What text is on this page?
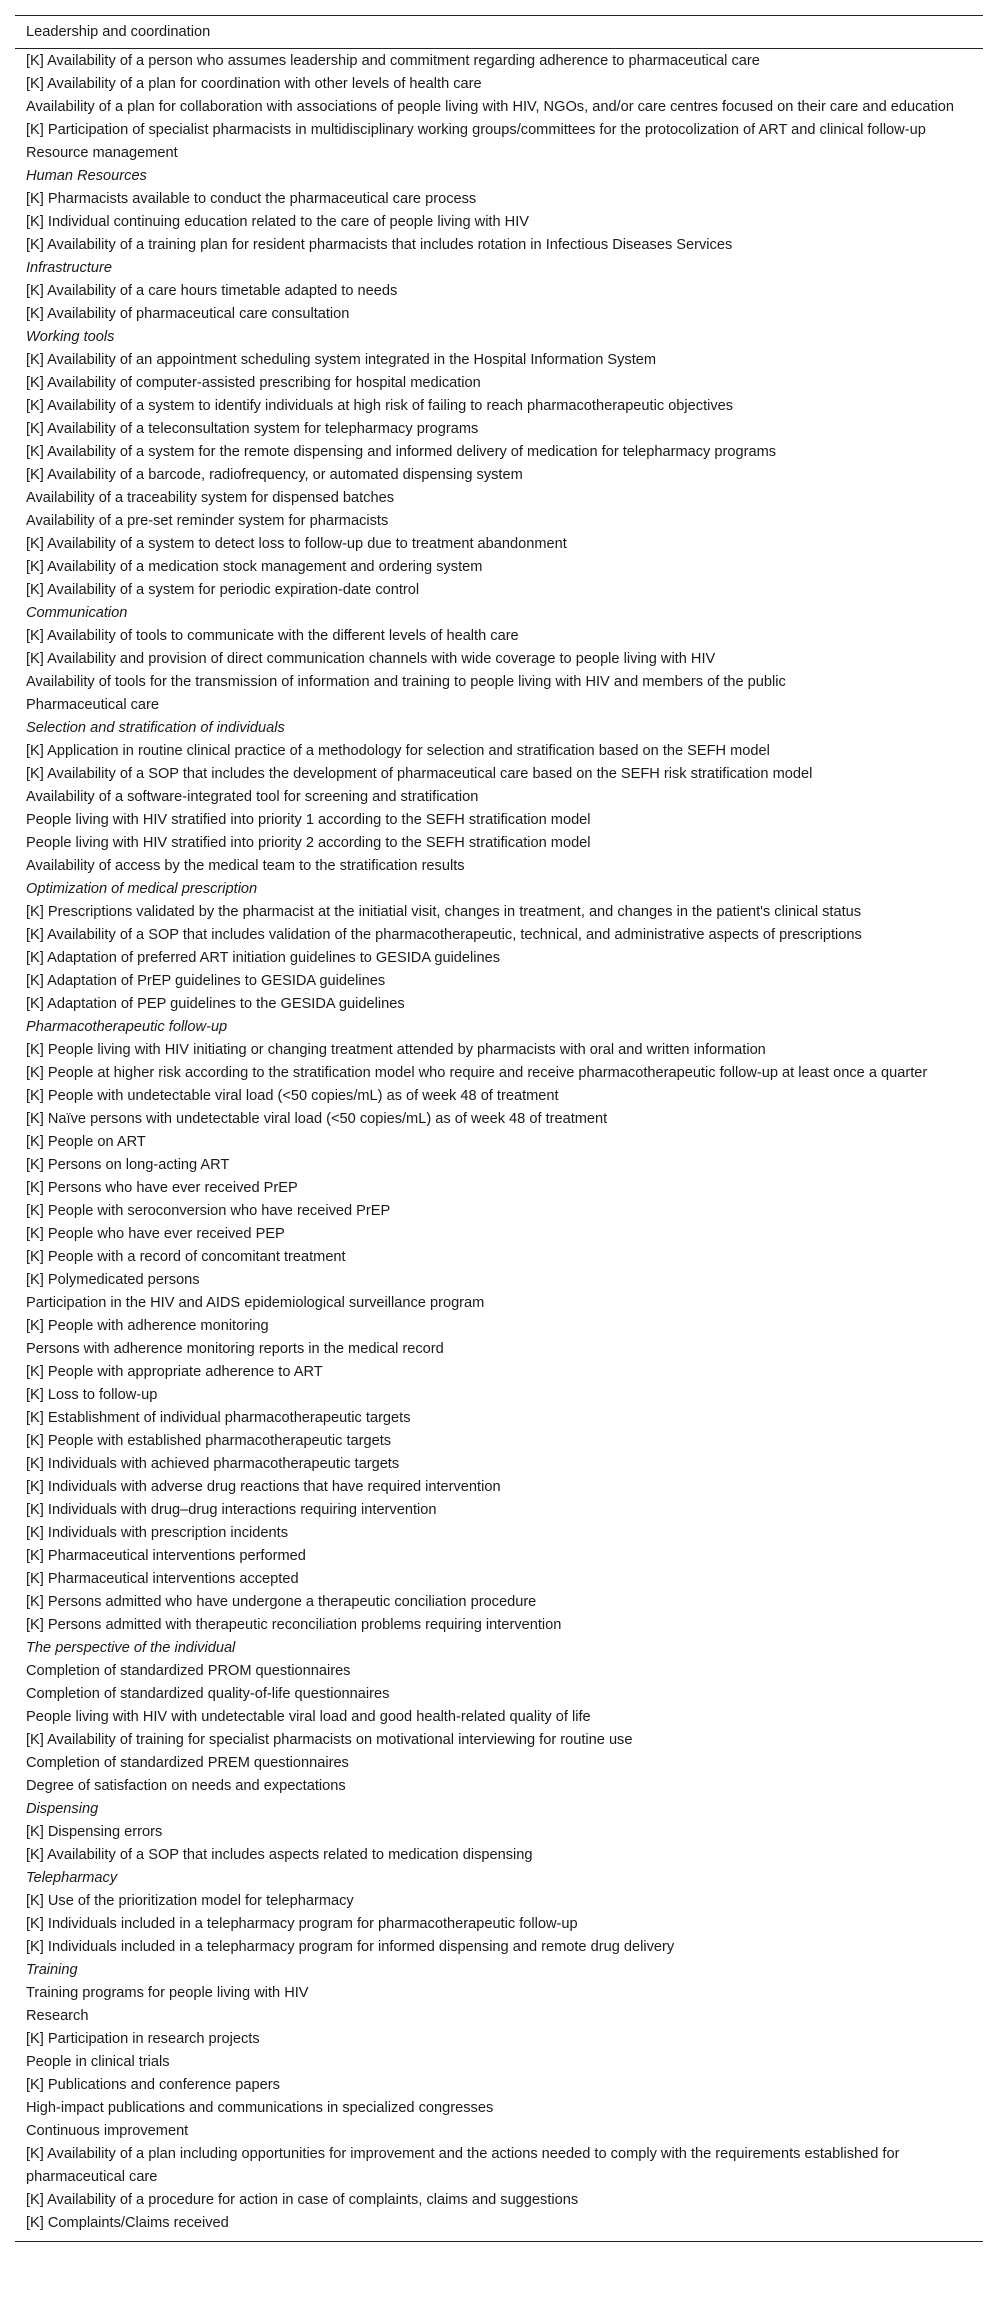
Leadership and coordination
[K] Availability of a person who assumes leadership and commitment regarding adherence to pharmaceutical care
[K] Availability of a plan for coordination with other levels of health care
Availability of a plan for collaboration with associations of people living with HIV, NGOs, and/or care centres focused on their care and education
[K] Participation of specialist pharmacists in multidisciplinary working groups/committees for the protocolization of ART and clinical follow-up
Resource management
Human Resources
[K] Pharmacists available to conduct the pharmaceutical care process
[K] Individual continuing education related to the care of people living with HIV
[K] Availability of a training plan for resident pharmacists that includes rotation in Infectious Diseases Services
Infrastructure
[K] Availability of a care hours timetable adapted to needs
[K] Availability of pharmaceutical care consultation
Working tools
[K] Availability of an appointment scheduling system integrated in the Hospital Information System
[K] Availability of computer-assisted prescribing for hospital medication
[K] Availability of a system to identify individuals at high risk of failing to reach pharmacotherapeutic objectives
[K] Availability of a teleconsultation system for telepharmacy programs
[K] Availability of a system for the remote dispensing and informed delivery of medication for telepharmacy programs
[K] Availability of a barcode, radiofrequency, or automated dispensing system
Availability of a traceability system for dispensed batches
Availability of a pre-set reminder system for pharmacists
[K] Availability of a system to detect loss to follow-up due to treatment abandonment
[K] Availability of a medication stock management and ordering system
[K] Availability of a system for periodic expiration-date control
Communication
[K] Availability of tools to communicate with the different levels of health care
[K] Availability and provision of direct communication channels with wide coverage to people living with HIV
Availability of tools for the transmission of information and training to people living with HIV and members of the public
Pharmaceutical care
Selection and stratification of individuals
[K] Application in routine clinical practice of a methodology for selection and stratification based on the SEFH model
[K] Availability of a SOP that includes the development of pharmaceutical care based on the SEFH risk stratification model
Availability of a software-integrated tool for screening and stratification
People living with HIV stratified into priority 1 according to the SEFH stratification model
People living with HIV stratified into priority 2 according to the SEFH stratification model
Availability of access by the medical team to the stratification results
Optimization of medical prescription
[K] Prescriptions validated by the pharmacist at the initiatial visit, changes in treatment, and changes in the patient's clinical status
[K] Availability of a SOP that includes validation of the pharmacotherapeutic, technical, and administrative aspects of prescriptions
[K] Adaptation of preferred ART initiation guidelines to GESIDA guidelines
[K] Adaptation of PrEP guidelines to GESIDA guidelines
[K] Adaptation of PEP guidelines to the GESIDA guidelines
Pharmacotherapeutic follow-up
[K] People living with HIV initiating or changing treatment attended by pharmacists with oral and written information
[K] People at higher risk according to the stratification model who require and receive pharmacotherapeutic follow-up at least once a quarter
[K] People with undetectable viral load (<50 copies/mL) as of week 48 of treatment
[K] Naïve persons with undetectable viral load (<50 copies/mL) as of week 48 of treatment
[K] People on ART
[K] Persons on long-acting ART
[K] Persons who have ever received PrEP
[K] People with seroconversion who have received PrEP
[K] People who have ever received PEP
[K] People with a record of concomitant treatment
[K] Polymedicated persons
Participation in the HIV and AIDS epidemiological surveillance program
[K] People with adherence monitoring
Persons with adherence monitoring reports in the medical record
[K] People with appropriate adherence to ART
[K] Loss to follow-up
[K] Establishment of individual pharmacotherapeutic targets
[K] People with established pharmacotherapeutic targets
[K] Individuals with achieved pharmacotherapeutic targets
[K] Individuals with adverse drug reactions that have required intervention
[K] Individuals with drug–drug interactions requiring intervention
[K] Individuals with prescription incidents
[K] Pharmaceutical interventions performed
[K] Pharmaceutical interventions accepted
[K] Persons admitted who have undergone a therapeutic conciliation procedure
[K] Persons admitted with therapeutic reconciliation problems requiring intervention
The perspective of the individual
Completion of standardized PROM questionnaires
Completion of standardized quality-of-life questionnaires
People living with HIV with undetectable viral load and good health-related quality of life
[K] Availability of training for specialist pharmacists on motivational interviewing for routine use
Completion of standardized PREM questionnaires
Degree of satisfaction on needs and expectations
Dispensing
[K] Dispensing errors
[K] Availability of a SOP that includes aspects related to medication dispensing
Telepharmacy
[K] Use of the prioritization model for telepharmacy
[K] Individuals included in a telepharmacy program for pharmacotherapeutic follow-up
[K] Individuals included in a telepharmacy program for informed dispensing and remote drug delivery
Training
Training programs for people living with HIV
Research
[K] Participation in research projects
People in clinical trials
[K] Publications and conference papers
High-impact publications and communications in specialized congresses
Continuous improvement
[K] Availability of a plan including opportunities for improvement and the actions needed to comply with the requirements established for pharmaceutical care
[K] Availability of a procedure for action in case of complaints, claims and suggestions
[K] Complaints/Claims received
